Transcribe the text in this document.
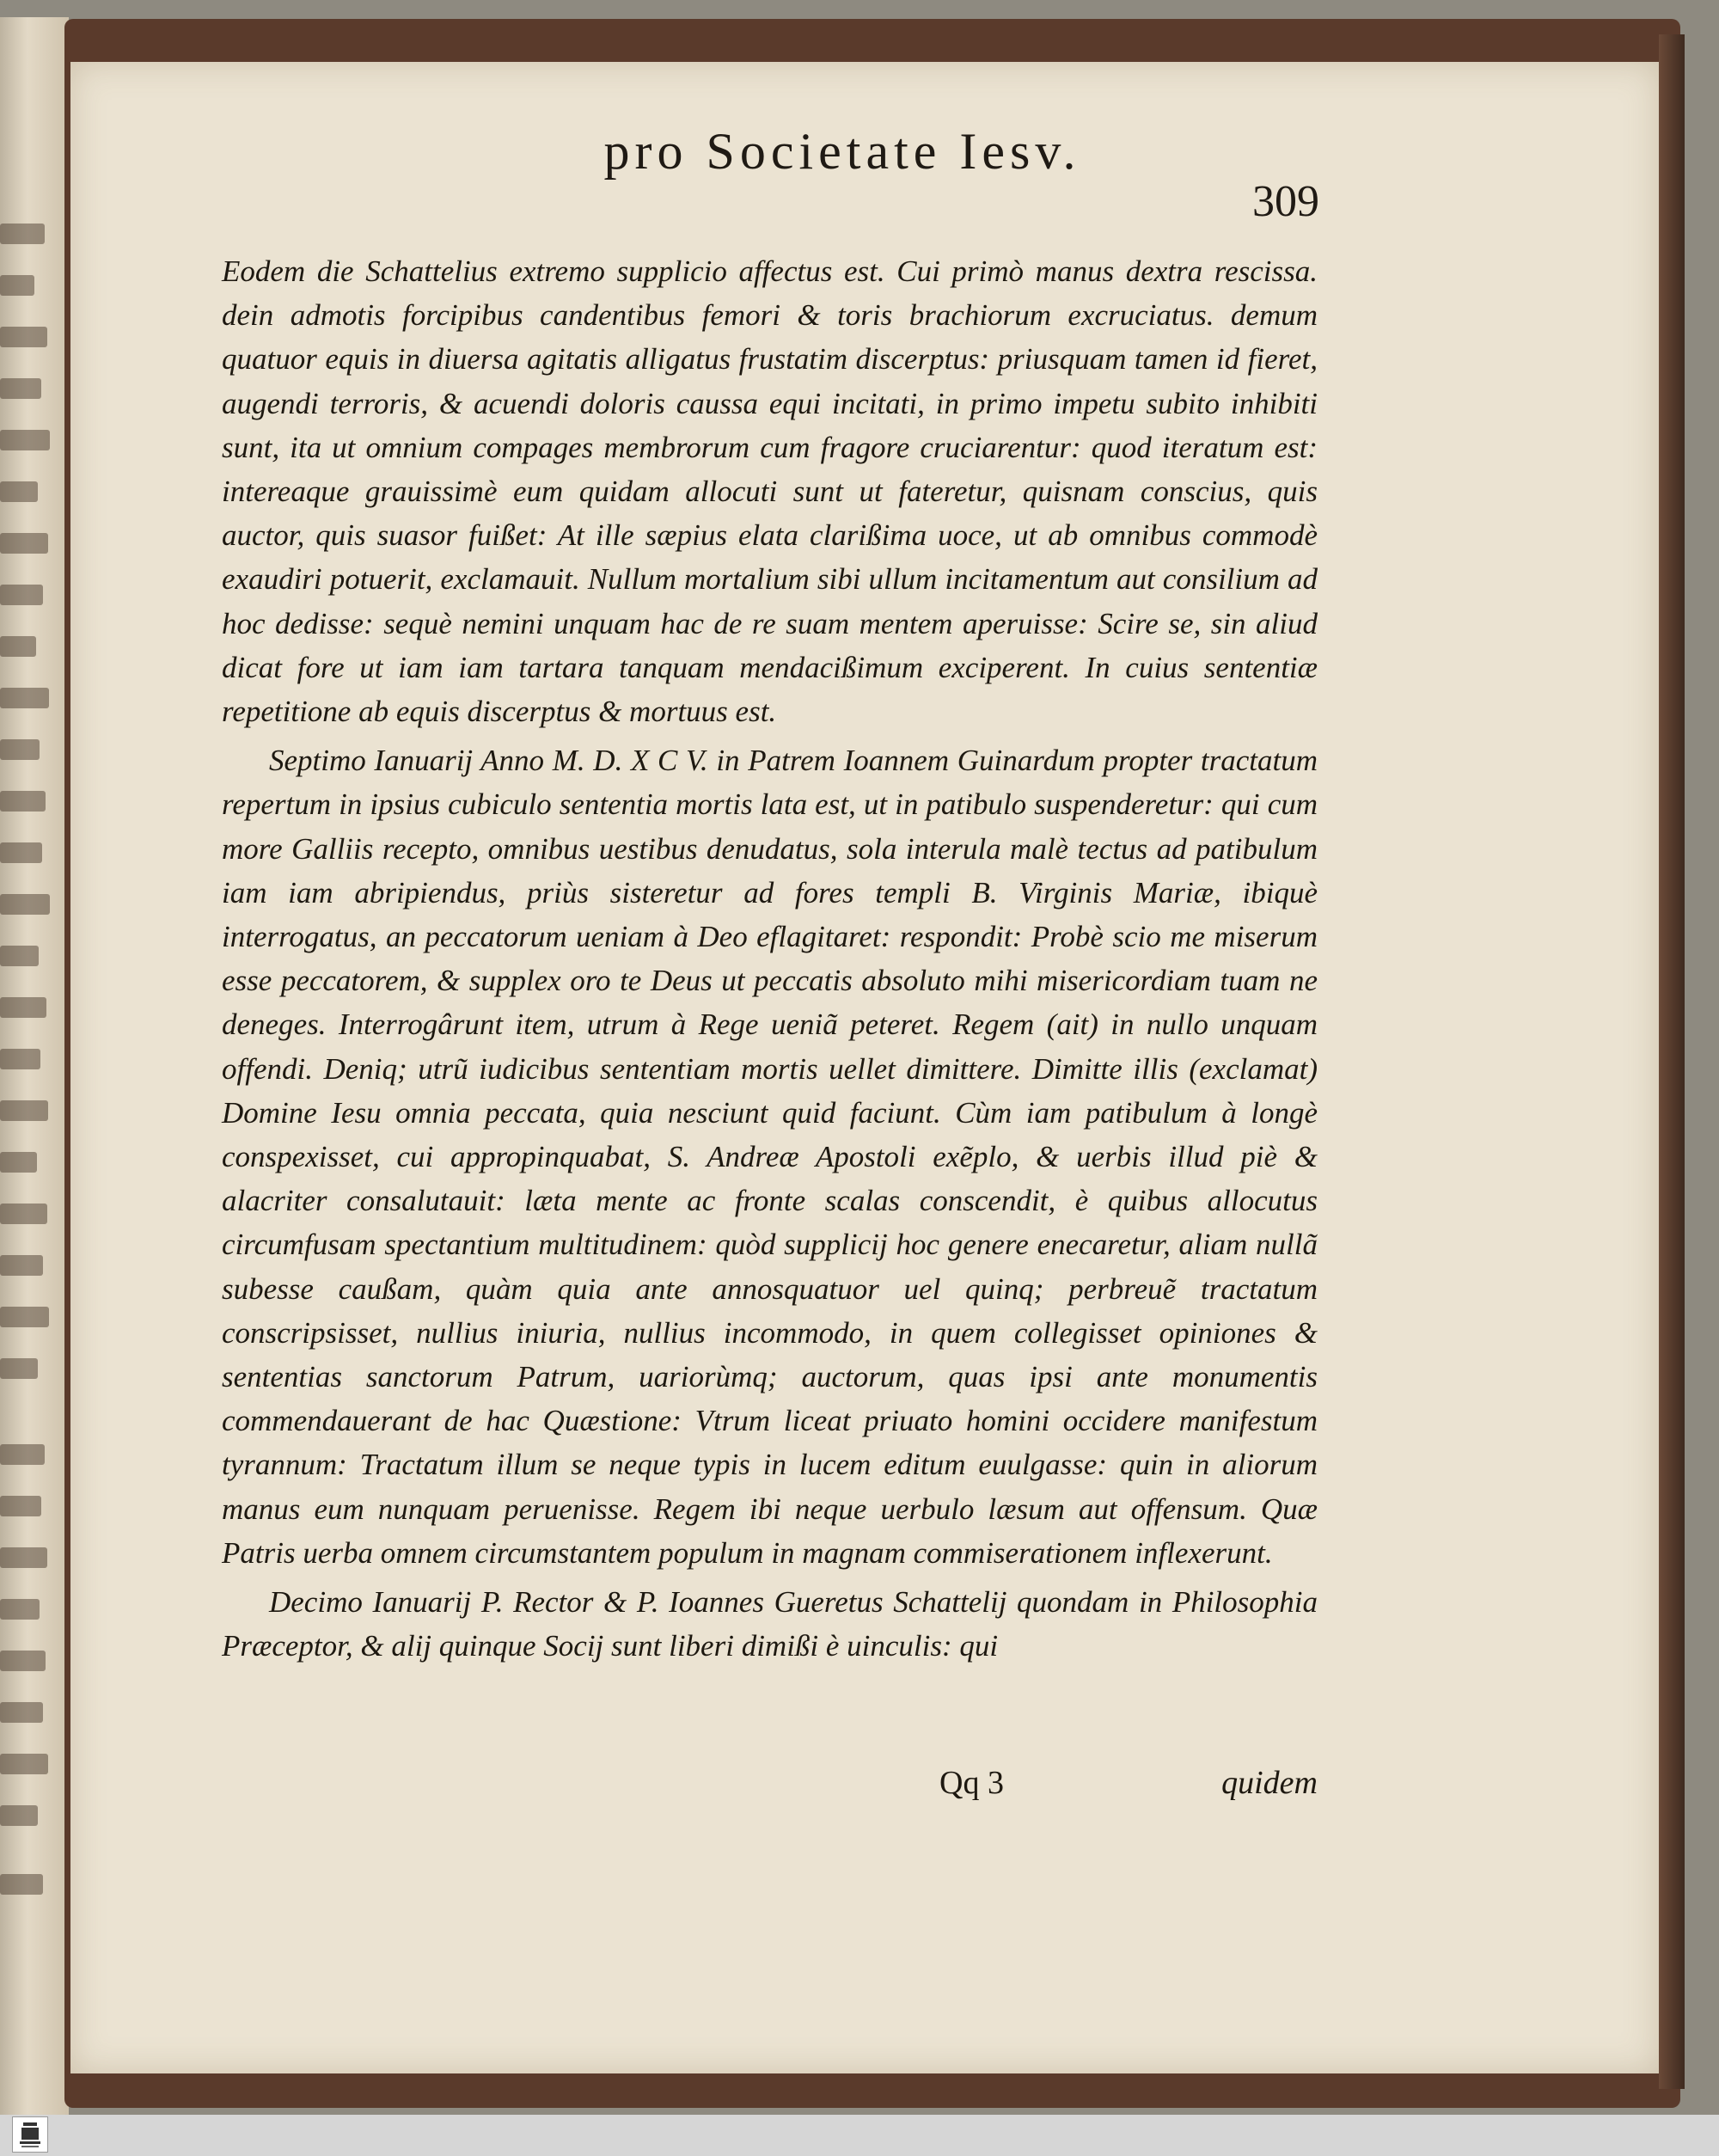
pro Societate Iesv.
309

Eodem die Schattelius extremo supplicio affectus est. Cui primò manus dextra rescissa. dein admotis forcipibus candentibus femori & toris brachiorum excruciatus. demum quatuor equis in diuersa agitatis alligatus frustatim discerptus: priusquam tamen id fieret, augendi terroris, & acuendi doloris caussa equi incitati, in primo impetu subito inhibiti sunt, ita ut omnium compages membrorum cum fragore cruciarentur: quod iteratum est: intereaque grauissimè eum quidam allocuti sunt ut fateretur, quisnam conscius, quis auctor, quis suasor fuißet: At ille sæpius elata clarißima uoce, ut ab omnibus commodè exaudiri potuerit, exclamauit. Nullum mortalium sibi ullum incitamentum aut consilium ad hoc dedisse: sequè nemini unquam hac de re suam mentem aperuisse: Scire se, sin aliud dicat fore ut iam iam tartara tanquam mendacißimum exciperent. In cuius sententiæ repetitione ab equis discerptus & mortuus est.

Septimo Ianuarij Anno M. D. X C V. in Patrem Ioannem Guinardum propter tractatum repertum in ipsius cubiculo sententia mortis lata est, ut in patibulo suspenderetur: qui cum more Galliis recepto, omnibus uestibus denudatus, sola interula malè tectus ad patibulum iam iam abripiendus, priùs sisteretur ad fores templi B. Virginis Mariæ, ibiquè interrogatus, an peccatorum ueniam à Deo eflagitaret: respondit: Probè scio me miserum esse peccatorem, & supplex oro te Deus ut peccatis absoluto mihi misericordiam tuam ne deneges. Interrogârunt item, utrum à Rege ueniã peteret. Regem (ait) in nullo unquam offendi. Deniq; utrũ iudicibus sententiam mortis uellet dimittere. Dimitte illis (exclamat) Domine Iesu omnia peccata, quia nesciunt quid faciunt. Cùm iam patibulum à longè conspexisset, cui appropinquabat, S. Andreæ Apostoli exẽplo, & uerbis illud piè & alacriter consalutauit: læta mente ac fronte scalas conscendit, è quibus allocutus circumfusam spectantium multitudinem: quòd supplicij hoc genere enecaretur, aliam nullã subesse caußam, quàm quia ante annosquatuor uel quinq; perbreuẽ tractatum conscripsisset, nullius iniuria, nullius incommodo, in quem collegisset opiniones & sententias sanctorum Patrum, uariorùmq; auctorum, quas ipsi ante monumentis commendauerant de hac Quæstione: Vtrum liceat priuato homini occidere manifestum tyrannum: Tractatum illum se neque typis in lucem editum euulgasse: quin in aliorum manus eum nunquam peruenisse. Regem ibi neque uerbulo læsum aut offensum. Quæ Patris uerba omnem circumstantem populum in magnam commiserationem inflexerunt.

Decimo Ianuarij P. Rector & P. Ioannes Gueretus Schattelij quondam in Philosophia Præceptor, & alij quinque Socij sunt liberi dimißi è uinculis: qui

Qq 3	quidem
